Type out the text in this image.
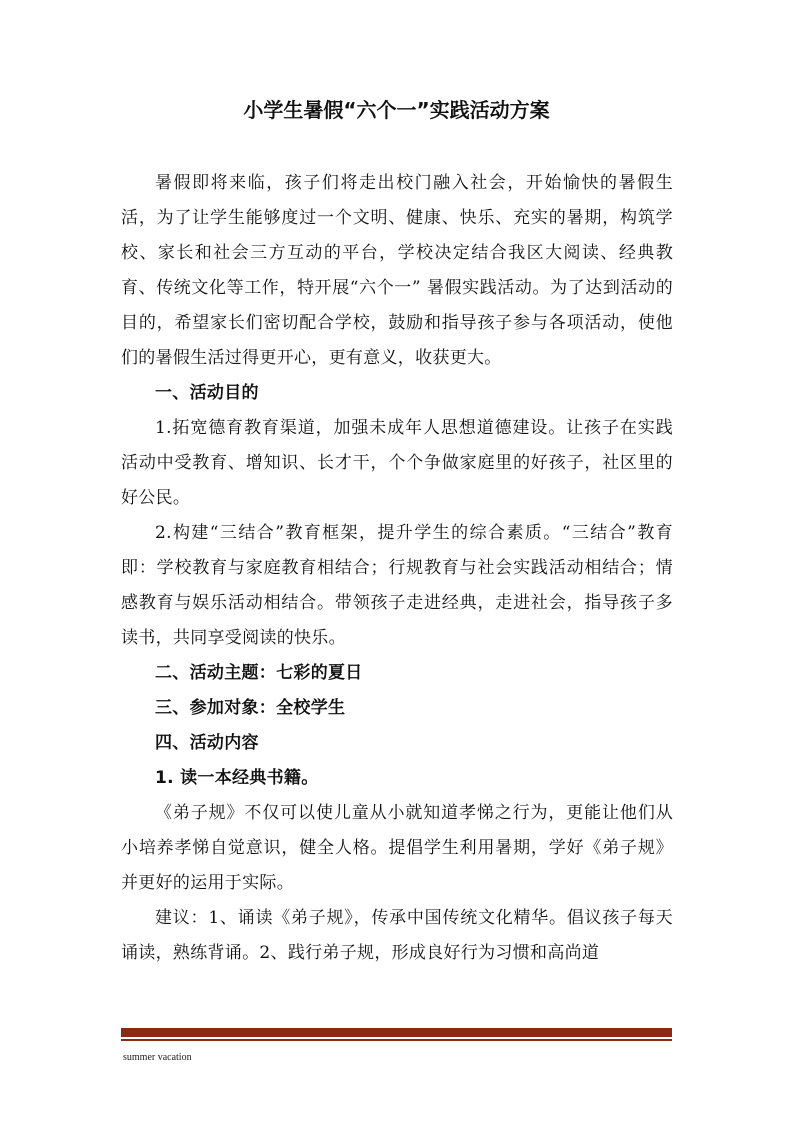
小学生暑假“六个一”实践活动方案

暑假即将来临，孩子们将走出校门融入社会，开始愉快的暑假生活，为了让学生能够度过一个文明、健康、快乐、充实的暑期，构筑学校、家长和社会三方互动的平台，学校决定结合我区大阅读、经典教育、传统文化等工作，特开展“六个一” 暑假实践活动。为了达到活动的目的，希望家长们密切配合学校，鼓励和指导孩子参与各项活动，使他们的暑假生活过得更开心，更有意义，收获更大。

一、活动目的

1.拓宽德育教育渠道，加强未成年人思想道德建设。让孩子在实践活动中受教育、增知识、长才干，个个争做家庭里的好孩子，社区里的好公民。

2.构建“三结合”教育框架，提升学生的综合素质。“三结合”教育即：学校教育与家庭教育相结合；行规教育与社会实践活动相结合；情感教育与娱乐活动相结合。带领孩子走进经典，走进社会，指导孩子多读书，共同享受阅读的快乐。

二、活动主题：七彩的夏日

三、参加对象：全校学生

四、活动内容

1. 读一本经典书籍。

《弟子规》不仅可以使儿童从小就知道孝悌之行为，更能让他们从小培养孝悌自觉意识，健全人格。提倡学生利用暑期，学好《弟子规》并更好的运用于实际。

建议：1、诵读《弟子规》，传承中国传统文化精华。倡议孩子每天诵读，熟练背诵。2、践行弟子规，形成良好行为习惯和高尚道

summer vacation
